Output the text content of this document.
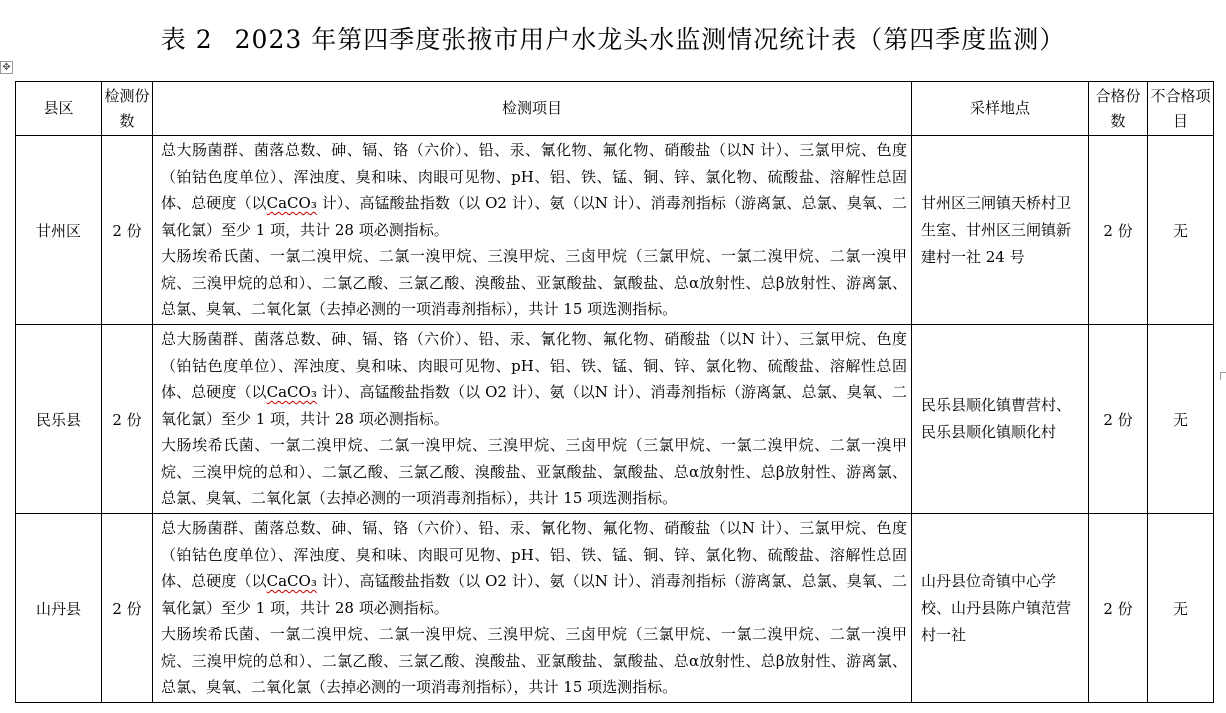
表 2 2023 年第四季度张掖市用户水龙头水监测情况统计表（第四季度监测）
✥
县区	检测份数	检测项目	采样地点	合格份数	不合格项目
甘州区	2 份	总大肠菌群、菌落总数、砷、镉、铬（六价）、铅、汞、氰化物、氟化物、硝酸盐（以N 计）、三氯甲烷、色度（铂钴色度单位）、浑浊度、臭和味、肉眼可见物、pH、铝、铁、锰、铜、锌、氯化物、硫酸盐、溶解性总固体、总硬度（以CaCO₃ 计）、高锰酸盐指数（以 O2 计）、氨（以N 计）、消毒剂指标（游离氯、总氯、臭氧、二氧化氯）至少 1 项，共计 28 项必测指标。

大肠埃希氏菌、一氯二溴甲烷、二氯一溴甲烷、三溴甲烷、三卤甲烷（三氯甲烷、一氯二溴甲烷、二氯一溴甲烷、三溴甲烷的总和）、二氯乙酸、三氯乙酸、溴酸盐、亚氯酸盐、氯酸盐、总α放射性、总β放射性、游离氯、总氯、臭氧、二氧化氯（去掉必测的一项消毒剂指标），共计 15 项选测指标。	甘州区三闸镇天桥村卫生室、甘州区三闸镇新建村一社 24 号	2 份	无
民乐县	2 份	总大肠菌群、菌落总数、砷、镉、铬（六价）、铅、汞、氰化物、氟化物、硝酸盐（以N 计）、三氯甲烷、色度（铂钴色度单位）、浑浊度、臭和味、肉眼可见物、pH、铝、铁、锰、铜、锌、氯化物、硫酸盐、溶解性总固体、总硬度（以CaCO₃ 计）、高锰酸盐指数（以 O2 计）、氨（以N 计）、消毒剂指标（游离氯、总氯、臭氧、二氧化氯）至少 1 项，共计 28 项必测指标。

大肠埃希氏菌、一氯二溴甲烷、二氯一溴甲烷、三溴甲烷、三卤甲烷（三氯甲烷、一氯二溴甲烷、二氯一溴甲烷、三溴甲烷的总和）、二氯乙酸、三氯乙酸、溴酸盐、亚氯酸盐、氯酸盐、总α放射性、总β放射性、游离氯、总氯、臭氧、二氧化氯（去掉必测的一项消毒剂指标），共计 15 项选测指标。	民乐县顺化镇曹营村、民乐县顺化镇顺化村	2 份	无
山丹县	2 份	总大肠菌群、菌落总数、砷、镉、铬（六价）、铅、汞、氰化物、氟化物、硝酸盐（以N 计）、三氯甲烷、色度（铂钴色度单位）、浑浊度、臭和味、肉眼可见物、pH、铝、铁、锰、铜、锌、氯化物、硫酸盐、溶解性总固体、总硬度（以CaCO₃ 计）、高锰酸盐指数（以 O2 计）、氨（以N 计）、消毒剂指标（游离氯、总氯、臭氧、二氧化氯）至少 1 项，共计 28 项必测指标。

大肠埃希氏菌、一氯二溴甲烷、二氯一溴甲烷、三溴甲烷、三卤甲烷（三氯甲烷、一氯二溴甲烷、二氯一溴甲烷、三溴甲烷的总和）、二氯乙酸、三氯乙酸、溴酸盐、亚氯酸盐、氯酸盐、总α放射性、总β放射性、游离氯、总氯、臭氧、二氧化氯（去掉必测的一项消毒剂指标），共计 15 项选测指标。	山丹县位奇镇中心学校、山丹县陈户镇范营村一社	2 份	无
